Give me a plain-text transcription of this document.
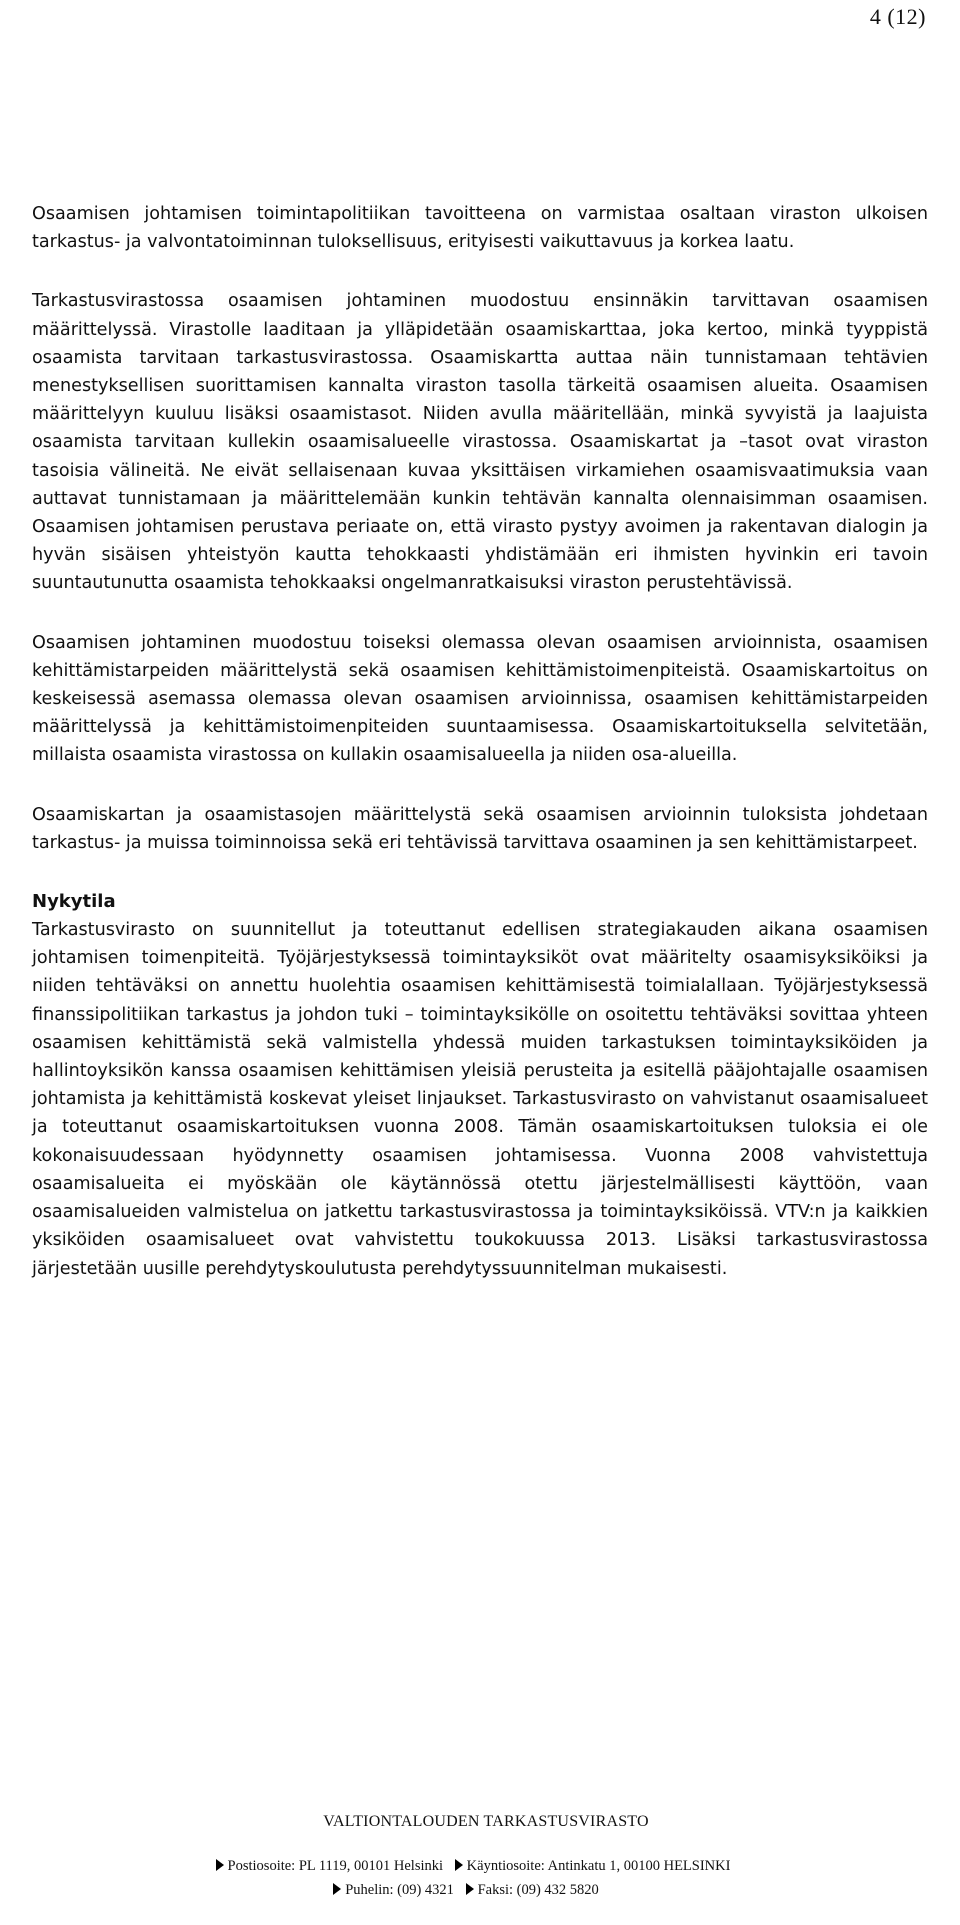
4 (12)

Osaamisen johtamisen toimintapolitiikan tavoitteena on varmistaa osaltaan viraston ulkoisen tarkastus- ja valvontatoiminnan tuloksellisuus, erityisesti vaikuttavuus ja korkea laatu.

Tarkastusvirastossa osaamisen johtaminen muodostuu ensinnäkin tarvittavan osaamisen määrittelyssä. Virastolle laaditaan ja ylläpidetään osaamiskarttaa, joka kertoo, minkä tyyppistä osaamista tarvitaan tarkastusvirastossa. Osaamiskartta auttaa näin tunnistamaan tehtävien menestyksellisen suorittamisen kannalta viraston tasolla tärkeitä osaamisen alueita. Osaamisen määrittelyyn kuuluu lisäksi osaamistasot. Niiden avulla määritellään, minkä syvyistä ja laajuista osaamista tarvitaan kullekin osaamisalueelle virastossa. Osaamiskartat ja –tasot ovat viraston tasoisia välineitä. Ne eivät sellaisenaan kuvaa yksittäisen virkamiehen osaamisvaatimuksia vaan auttavat tunnistamaan ja määrittelemään kunkin tehtävän kannalta olennaisimman osaamisen. Osaamisen johtamisen perustava periaate on, että virasto pystyy avoimen ja rakentavan dialogin ja hyvän sisäisen yhteistyön kautta tehokkaasti yhdistämään eri ihmisten hyvinkin eri tavoin suuntautunutta osaamista tehokkaaksi ongelmanratkaisuksi viraston perustehtävissä.

Osaamisen johtaminen muodostuu toiseksi olemassa olevan osaamisen arvioinnista, osaamisen kehittämistarpeiden määrittelystä sekä osaamisen kehittämistoimenpiteistä. Osaamiskartoitus on keskeisessä asemassa olemassa olevan osaamisen arvioinnissa, osaamisen kehittämistarpeiden määrittelyssä ja kehittämistoimenpiteiden suuntaamisessa. Osaamiskartoituksella selvitetään, millaista osaamista virastossa on kullakin osaamisalueella ja niiden osa-alueilla.

Osaamiskartan ja osaamistasojen määrittelystä sekä osaamisen arvioinnin tuloksista johdetaan tarkastus- ja muissa toiminnoissa sekä eri tehtävissä tarvittava osaaminen ja sen kehittämistarpeet.

Nykytila

Tarkastusvirasto on suunnitellut ja toteuttanut edellisen strategiakauden aikana osaamisen johtamisen toimenpiteitä. Työjärjestyksessä toimintayksiköt ovat määritelty osaamisyksiköiksi ja niiden tehtäväksi on annettu huolehtia osaamisen kehittämisestä toimialallaan. Työjärjestyksessä finanssipolitiikan tarkastus ja johdon tuki – toimintayksikölle on osoitettu tehtäväksi sovittaa yhteen osaamisen kehittämistä sekä valmistella yhdessä muiden tarkastuksen toimintayksiköiden ja hallintoyksikön kanssa osaamisen kehittämisen yleisiä perusteita ja esitellä pääjohtajalle osaamisen johtamista ja kehittämistä koskevat yleiset linjaukset. Tarkastusvirasto on vahvistanut osaamisalueet ja toteuttanut osaamiskartoituksen vuonna 2008. Tämän osaamiskartoituksen tuloksia ei ole kokonaisuudessaan hyödynnetty osaamisen johtamisessa. Vuonna 2008 vahvistettuja osaamisalueita ei myöskään ole käytännössä otettu järjestelmällisesti käyttöön, vaan osaamisalueiden valmistelua on jatkettu tarkastusvirastossa ja toimintayksiköissä. VTV:n ja kaikkien yksiköiden osaamisalueet ovat vahvistettu toukokuussa 2013. Lisäksi tarkastusvirastossa järjestetään uusille perehdytyskoulutusta perehdytyssuunnitelman mukaisesti.

VALTIONTALOUDEN TARKASTUSVIRASTO
Postiosoite: PL 1119, 00101 Helsinki Käyntiosoite: Antinkatu 1, 00100 HELSINKI
Puhelin: (09) 4321 Faksi: (09) 432 5820
